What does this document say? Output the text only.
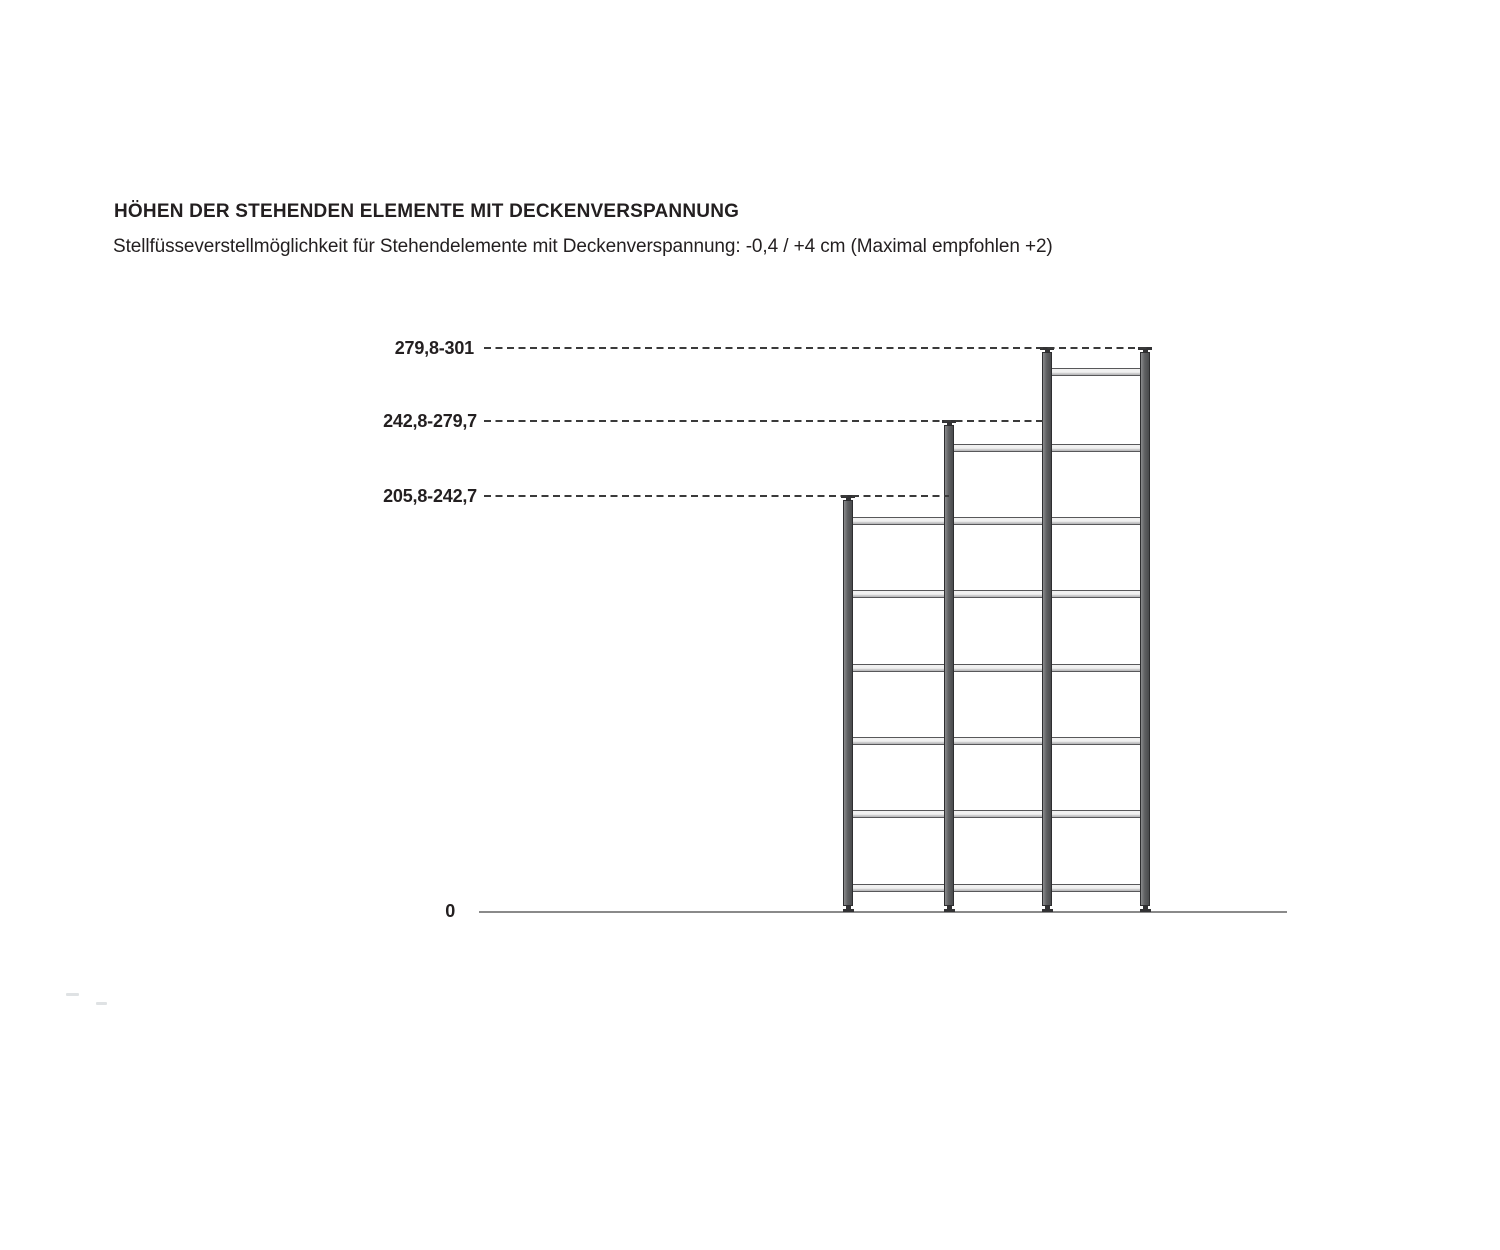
HÖHEN DER STEHENDEN ELEMENTE MIT DECKENVERSPANNUNG
Stellfüsseverstellmöglichkeit für Stehendelemente mit Deckenverspannung: -0,4 / +4 cm (Maximal empfohlen +2)
279,8-301
242,8-279,7
205,8-242,7
0
